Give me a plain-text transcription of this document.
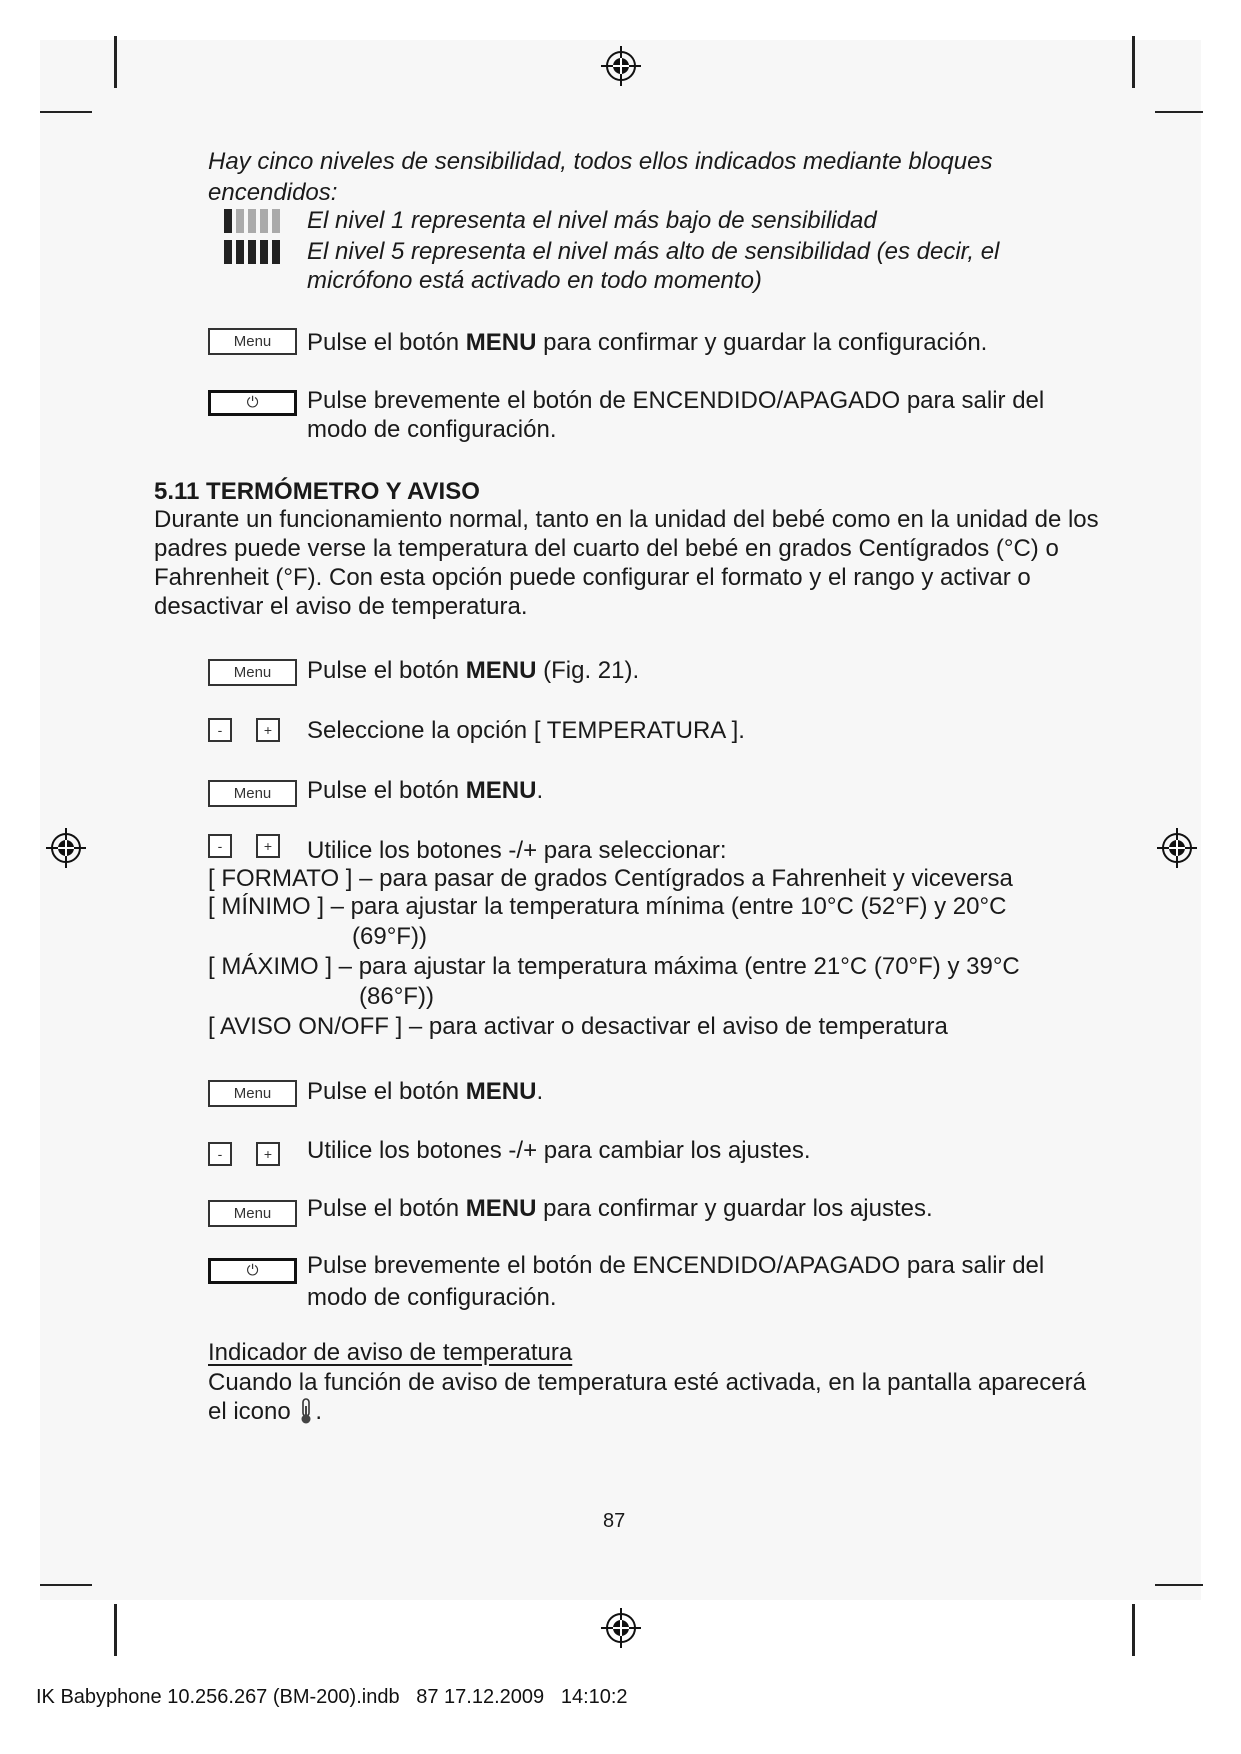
Hay cinco niveles de sensibilidad, todos ellos indicados mediante bloques encendidos:
El nivel 1 representa el nivel más bajo de sensibilidad
El nivel 5 representa el nivel más alto de sensibilidad (es decir, el micrófono está activado en todo momento)
Menu	Pulse el botón MENU para confirmar y guardar la configuración.
⏻	Pulse brevemente el botón de ENCENDIDO/APAGADO para salir del modo de configuración.
5.11 TERMÓMETRO Y AVISO
Durante un funcionamiento normal, tanto en la unidad del bebé como en la unidad de los padres puede verse la temperatura del cuarto del bebé en grados Centígrados (°C) o Fahrenheit (°F). Con esta opción puede configurar el formato y el rango y activar o desactivar el aviso de temperatura.
Menu	Pulse el botón MENU (Fig. 21).
-	+	Seleccione la opción [ TEMPERATURA ].
Menu	Pulse el botón MENU.
-	+	Utilice los botones -/+ para seleccionar:
[ FORMATO ] – para pasar de grados Centígrados a Fahrenheit y viceversa
[ MÍNIMO ] – para ajustar la temperatura mínima (entre 10°C (52°F) y 20°C
(69°F))
[ MÁXIMO ] – para ajustar la temperatura máxima (entre 21°C (70°F) y 39°C
(86°F))
[ AVISO ON/OFF ] – para activar o desactivar el aviso de temperatura
Menu	Pulse el botón MENU.
-	+	Utilice los botones -/+ para cambiar los ajustes.
Menu	Pulse el botón MENU para confirmar y guardar los ajustes.
⏻	Pulse brevemente el botón de ENCENDIDO/APAGADO para salir del modo de configuración.
Indicador de aviso de temperatura
Cuando la función de aviso de temperatura esté activada, en la pantalla aparecerá el icono .
87
IK Babyphone 10.256.267 (BM-200).indb   87 17.12.2009   14:10:2
